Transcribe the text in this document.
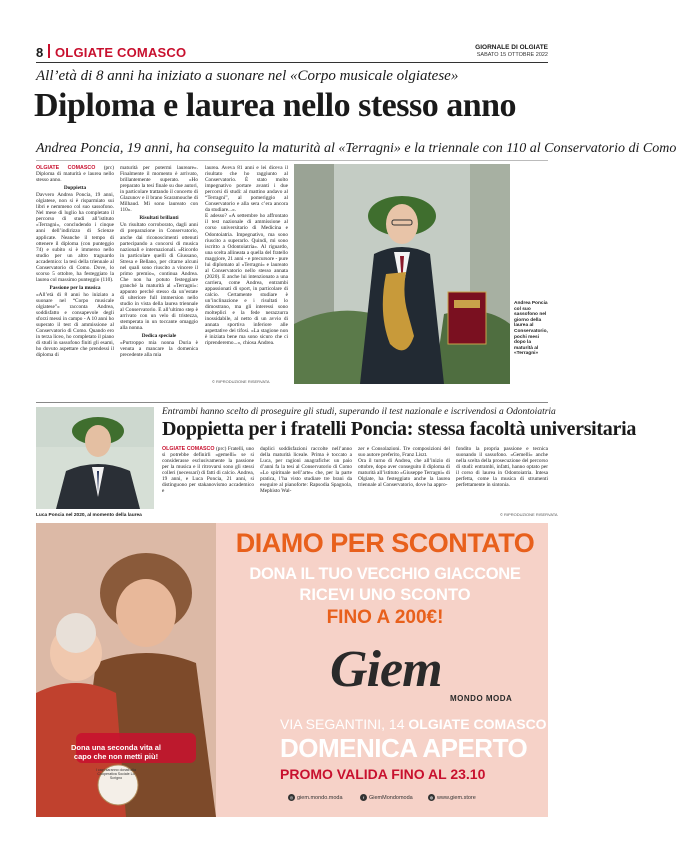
8 OLGIATE COMASCO	GIORNALE DI OLGIATE
SABATO 15 OTTOBRE 2022
All’età di 8 anni ha iniziato a suonare nel «Corpo musicale olgiatese»
Diploma e laurea nello stesso anno
Andrea Poncia, 19 anni, ha conseguito la maturità al «Terragni» e la triennale con 110 al Conservatorio di Como
OLGIATE COMASCO (prc) Diploma di maturità e laurea nello stesso anno.
Doppietta
Davvero Andrea Poncia, 19 anni, olgiatese, non si è risparmiato sui libri e nemmeno col suo sassofono. Nel mese di luglio ha completato il percorso di studi all’istituto «Terragni», concludendo i cinque anni dell’indirizzo di Scienze applicate. Neanche il tempo di ottenere il diploma (con punteggio 74) e subito si è immerso nello studio per un altro traguardo accademico: la tesi della triennale al Conservatorio di Como. Dove, lo scorso 5 ottobre, ha festeggiato la laurea col massimo punteggio (110).
Passione per la musica
«All’età di 8 anni ho iniziato a suonare nel “Corpo musicale olgiatese”» racconta Andrea, soddisfatto e consapevole degli sforzi messi in campo - A 10 anni ho superato il test di ammissione al Conservatorio di Como. Quando ero in terza liceo, ho completato il piano di studi in sassofono finiti gli esami, ho dovuto aspettare che prendessi il diploma di
maturità per potermi laureare». Finalmente il momento è arrivato, brillantemente superato. «Ho preparato la tesi finale su due autori, in particolare trattando il concerto di Glazunov e il brano Scaramouche di Milhaud. Mi sono laureato con 110».
Risultati brillanti
Un risultato corroborato, dagli anni di preparazione in Conservatorio, anche dai riconoscimenti ottenuti partecipando a concorsi di musica nazionali e internazionali. «Ricordo in particolare quelli di Giussano, Stresa e Bellano, per citarne alcuni nel quali sono riuscito a vincere il primo premio», continua Andrea. Che non ha potuto festeggiare granché la maturità al «Terragni»: appunto perché stesso da un’estate di ulteriore full immersion nello studio in vista della laurea triennale al Conservatorio. E all’ultimo step è arrivato con un velo di tristezza, stemperata in un toccante omaggio alla nonna.
Dedica speciale
«Purtroppo mia nonna Duria è venuta a mancare la domenica precedente alla mia
laurea. Aveva 81 anni e lei diceva il risultato che ho raggiunto al Conservatorio. È stato molto impegnativo portare avanti i due percorsi di studi: al mattino andavo al “Terragni”, al pomeriggio al Conservatorio e alla sera c’era ancora da studiare...».
E adesso? «A settembre ho affrontato il test nazionale di ammissione al corso universitario di Medicina e Odontoiatria. Impegnativo, ma sono riuscito a superarlo. Quindi, mi sono iscritto a Odontoiatria». Al riguardo, una scelta allineata a quella del fratello maggiore, 21 anni - e precursore - pure lui diplomato al «Terragni» e laureato al Conservatorio nello stesso annata (2020). E anche lui intenzionato a una carriera, come Andrea, entrambi appassionati di sport, in particolare di calcio. Certamente studiare è un’inclinazione e i risultati lo dimostrano, ma gli interessi sono molteplici e la fede nerazzurra inossidabile, al netto di un avvio di annata sportiva inferiore alle aspettative dei tifosi. «La stagione non è iniziata bene ma sono sicuro che ci riprenderemo...», chiosa Andrea.
Andrea Poncia col suo sassofono nel giorno della laurea al Conservatorio, pochi mesi dopo la maturità al «Terragni»
© RIPRODUZIONE RISERVATA
Luca Poncia nel 2020, al momento della laurea
Entrambi hanno scelto di proseguire gli studi, superando il test nazionale e iscrivendosi a Odontoiatria
Doppietta per i fratelli Poncia: stessa facoltà universitaria
OLGIATE COMASCO (prc) Fratelli, uno si potrebbe definirli «gemelli» se si considerasse esclusivamente la passione per la musica e il ritrovarsi sono gli stessi colleri (necessari) di fatti di calcio. Andrea, 19 anni, e Luca Poncia, 21 anni, si distinguono per stakanovismo accademico e
duplici soddisfazioni raccolte nell’anno della maturità liceale. Prima è toccato a Luca, per ragioni anagrafiche: un paio d’anni fa la tesi al Conservatorio di Como «Lo spirituale nell’arte» che, per la parte pratica, l’ha visto studiare tre brani da eseguire al pianoforte: Rapsodia Spagnola, Mephisto Wal-
zer e Consolazioni. Tre composizioni del suo autore preferito, Franz Liszt.
Ora il turno di Andrea, che all’inizio di ottobre, dopo aver conseguito il diploma di maturità all’istituto «Giuseppe Terragni» di Olgiate, ha festeggiato anche la laurea triennale al Conservatorio, dove ha appro-
fondito la propria passione e tecnica suonando il sassofono. «Gemelli» anche nella scelta della prosecuzione del percorso di studi: entrambi, infatti, hanno optato per il corso di laurea in Odontoiatria. Intesa perfetta, come la musica di strumenti perfettamente in sintonia.
© RIPRODUZIONE RISERVATA
DIAMO PER SCONTATO
DONA IL TUO VECCHIO GIACCONE
RICEVI UNO SCONTO
FINO A 200€!
Giem
MONDO MODA
VIA SEGANTINI, 14 OLGIATE COMASCO
DOMENICA APERTO
PROMO VALIDA FINO AL 23.10
Dona una seconda vita al capo che non metti più!
I capi saranno donati alla Cooperativa Sociale Lo Scrigno
◎ giem.mondo.moda	f GiemMondomoda	◍ www.giem.store
